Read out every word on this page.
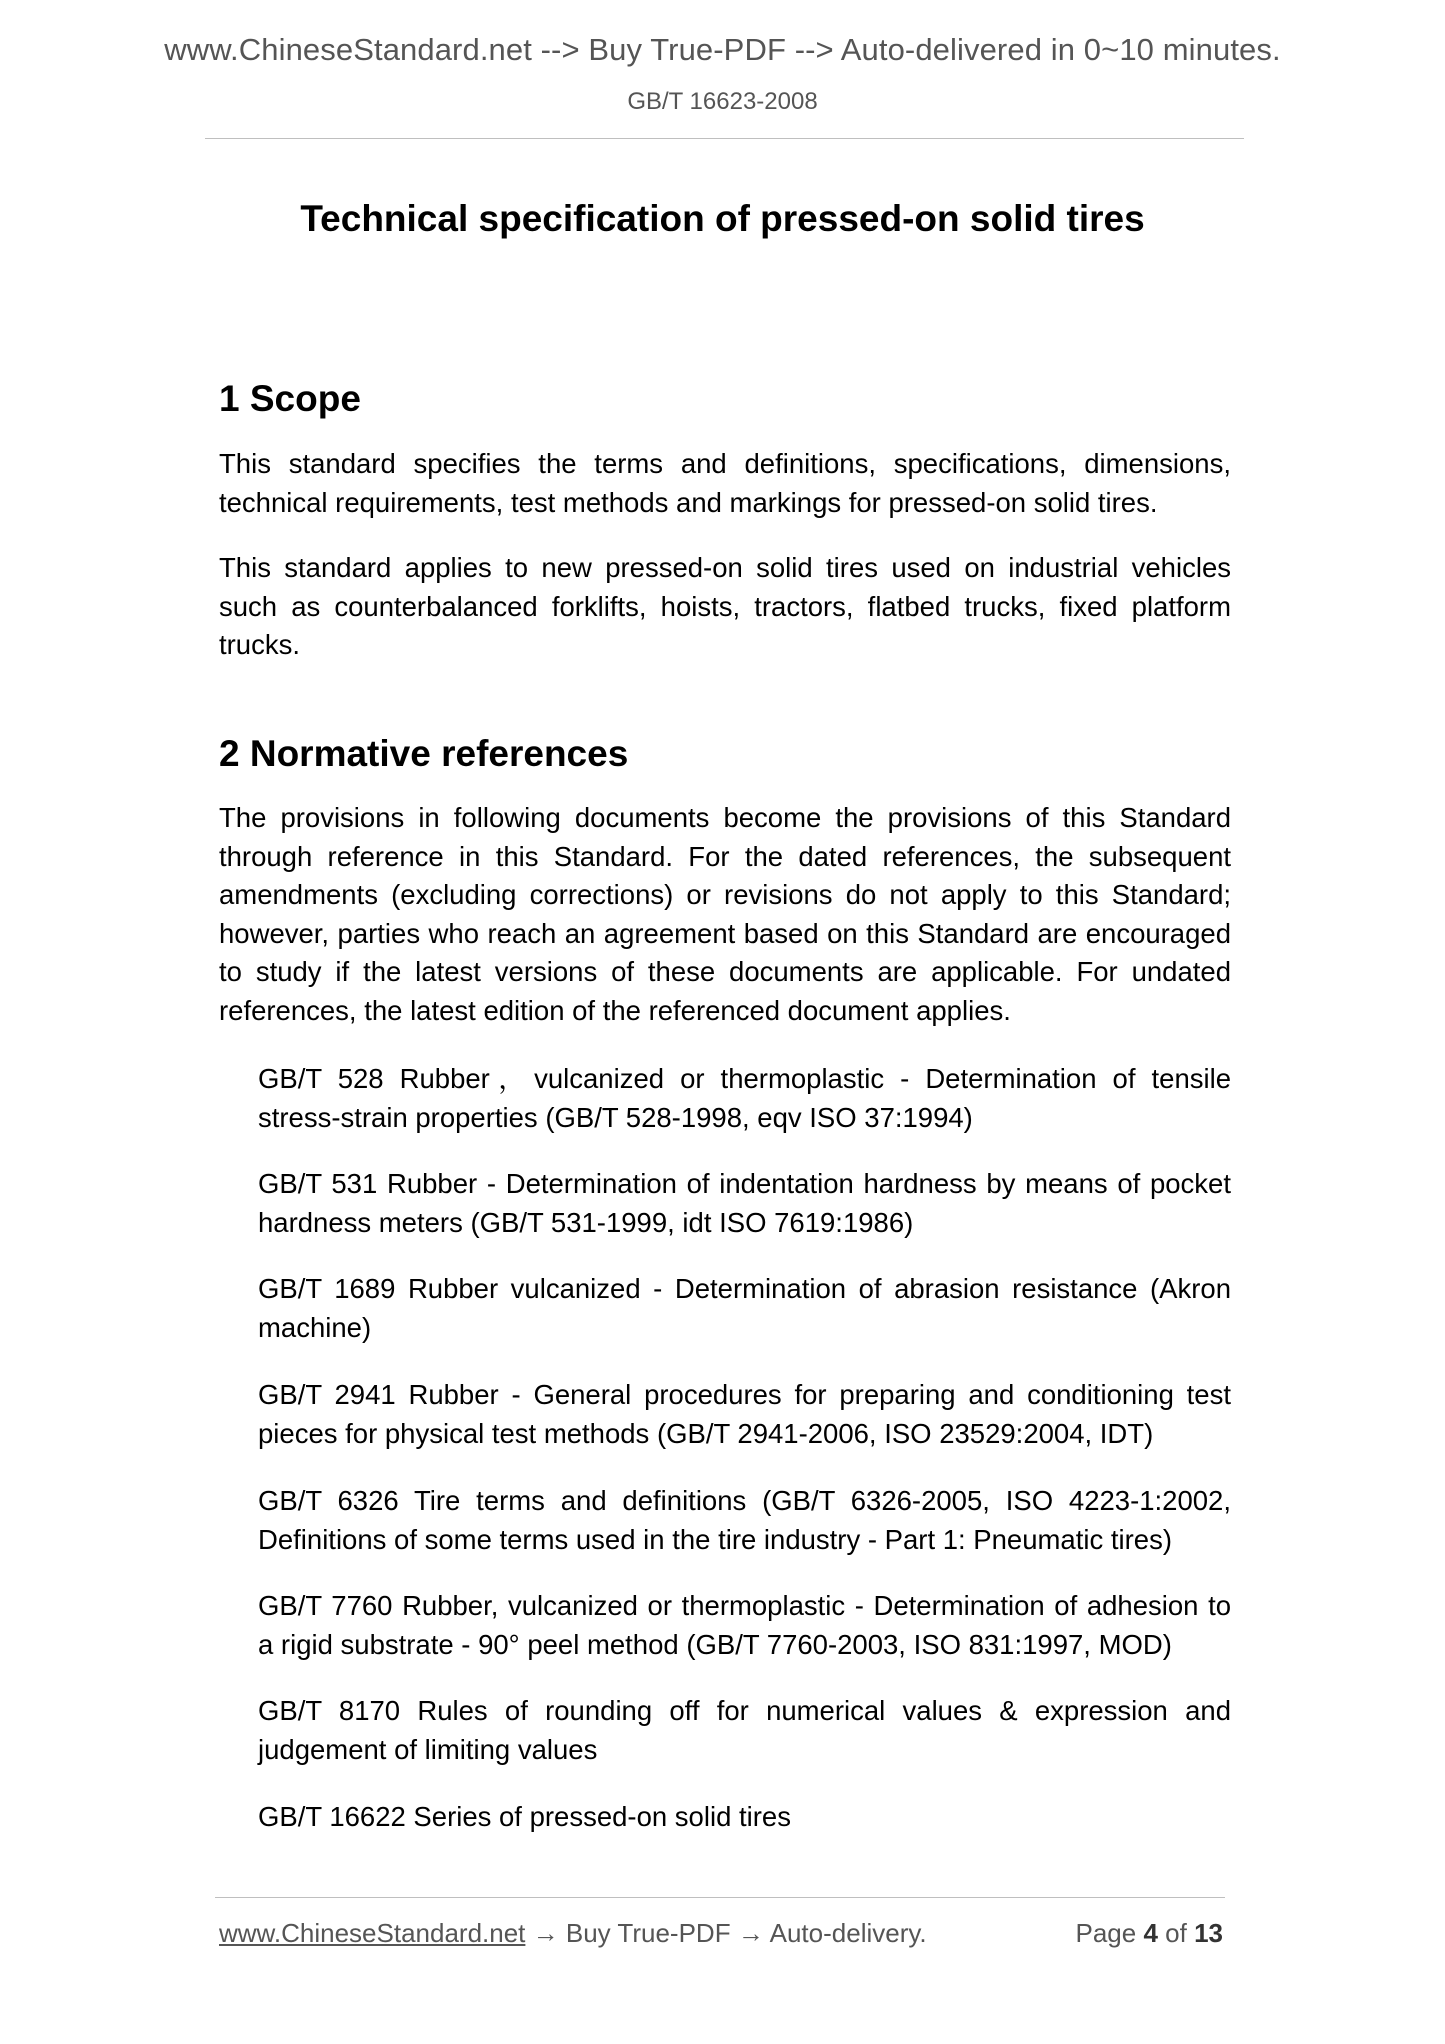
www.ChineseStandard.net --> Buy True-PDF --> Auto-delivered in 0~10 minutes.
GB/T 16623-2008
Technical specification of pressed-on solid tires
1 Scope

This standard specifies the terms and definitions, specifications, dimensions, technical requirements, test methods and markings for pressed-on solid tires.

This standard applies to new pressed-on solid tires used on industrial vehicles such as counterbalanced forklifts, hoists, tractors, flatbed trucks, fixed platform trucks.

2 Normative references

The provisions in following documents become the provisions of this Standard through reference in this Standard. For the dated references, the subsequent amendments (excluding corrections) or revisions do not apply to this Standard; however, parties who reach an agreement based on this Standard are encouraged to study if the latest versions of these documents are applicable. For undated references, the latest edition of the referenced document applies.

GB/T 528 Rubber，vulcanized or thermoplastic - Determination of tensile stress-strain properties (GB/T 528-1998, eqv ISO 37:1994)

GB/T 531 Rubber - Determination of indentation hardness by means of pocket hardness meters (GB/T 531-1999, idt ISO 7619:1986)

GB/T 1689 Rubber vulcanized - Determination of abrasion resistance (Akron machine)

GB/T 2941 Rubber - General procedures for preparing and conditioning test pieces for physical test methods (GB/T 2941-2006, ISO 23529:2004, IDT)

GB/T 6326 Tire terms and definitions (GB/T 6326-2005, ISO 4223-1:2002, Definitions of some terms used in the tire industry - Part 1: Pneumatic tires)

GB/T 7760 Rubber, vulcanized or thermoplastic - Determination of adhesion to a rigid substrate - 90° peel method (GB/T 7760-2003, ISO 831:1997, MOD)

GB/T 8170 Rules of rounding off for numerical values & expression and judgement of limiting values

GB/T 16622 Series of pressed-on solid tires

www.ChineseStandard.net → Buy True-PDF → Auto-delivery.	Page 4 of 13
